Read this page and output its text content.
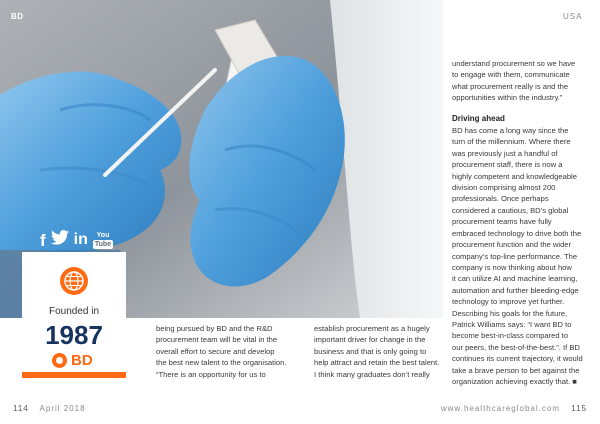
BD	USA
f in You
Tube
Founded in
1987
BD

being pursued by BD and the R&D
procurement team will be vital in the
overall effort to secure and develop
the best new talent to the organisation.
“There is an opportunity for us to

establish procurement as a hugely
important driver for change in the
business and that is only going to
help attract and retain the best talent.
I think many graduates don’t really

understand procurement so we have
to engage with them, communicate
what procurement really is and the
opportunities within the industry.”

Driving ahead

BD has come a long way since the
turn of the millennium. Where there
was previously just a handful of
procurement staff, there is now a
highly competent and knowledgeable
division comprising almost 200
professionals. Once perhaps
considered a cautious, BD’s global
procurement teams have fully
embraced technology to drive both the
procurement function and the wider
company’s top-line performance. The
company is now thinking about how
it can utilize AI and machine learning,
automation and further bleeding-edge
technology to improve yet further.
Describing his goals for the future,
Patrick Williams says: “I want BD to
become best-in-class compared to
our peers, the best-of-the-best.”. If BD
continues its current trajectory, it would
take a brave person to bet against the
organization achieving exactly that. ■

114 April 2018	www.healthcareglobal.com 115
